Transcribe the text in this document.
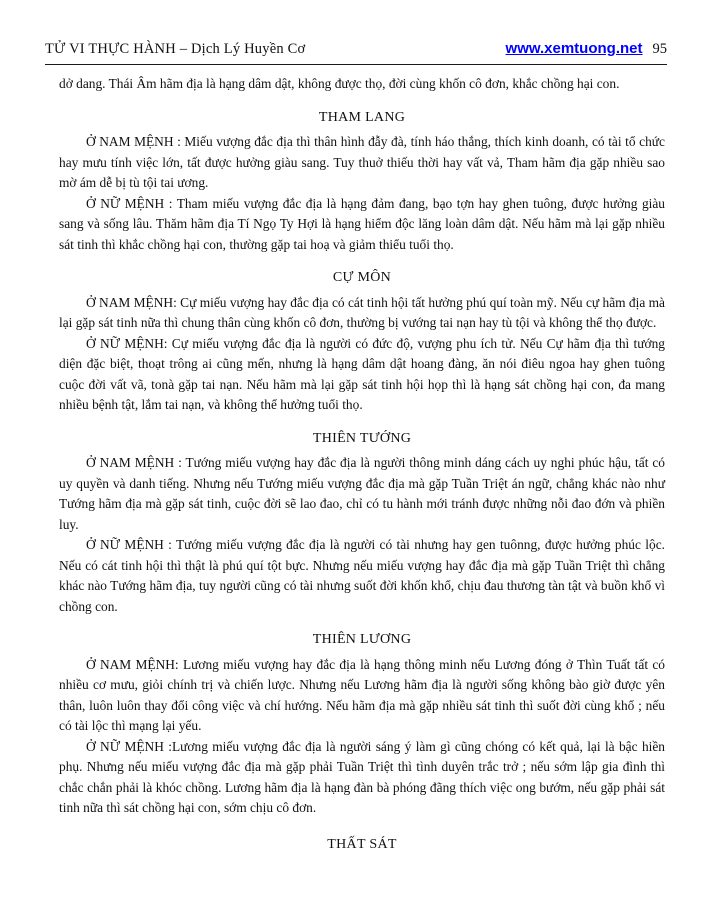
TỬ VI THỰC HÀNH – Dịch Lý Huyền Cơ	www.xemtuong.net 95

dở dang. Thái Âm hãm địa là hạng dâm dật, không được thọ, đời cùng khốn cô đơn, khắc chồng hại con.

THAM LANG

Ở NAM MỆNH : Miếu vượng đắc địa thì thân hình đẫy đà, tính háo thắng, thích kinh doanh, có tài tổ chức hay mưu tính việc lớn, tất được hưởng giàu sang. Tuy thuở thiếu thời hay vất vả, Tham hãm địa gặp nhiều sao mờ ám dễ bị tù tội tai ương.

Ở NỮ MỆNH : Tham miếu vượng đắc địa là hạng đảm đang, bạo tợn hay ghen tuông, được hưởng giàu sang và sống lâu. Thăm hãm địa Tí Ngọ Ty Hợi là hạng hiểm độc lăng loàn dâm dật. Nếu hãm mà lại gặp nhiều sát tinh thì khắc chồng hại con, thường gặp tai hoạ và giảm thiểu tuổi thọ.

CỰ MÔN

Ở NAM MỆNH: Cự miếu vượng hay đắc địa có cát tinh hội tất hưởng phú quí toàn mỹ. Nếu cự hãm địa mà lại gặp sát tinh nữa thì chung thân cùng khốn cô đơn, thường bị vướng tai nạn hay tù tội và không thể thọ được.

Ở NỮ MỆNH: Cự miếu vượng đắc địa là người có đức độ, vượng phu ích tử. Nếu Cự hãm địa thì tướng diện đặc biệt, thoạt trông ai cũng mến, nhưng là hạng dâm dật hoang đàng, ăn nói điêu ngoa hay ghen tuông cuộc đời vất vã, tonà gặp tai nạn. Nếu hãm mà lại gặp sát tinh hội họp thì là hạng sát chồng hại con, đa mang nhiều bệnh tật, lắm tai nạn, và không thể hưởng tuổi thọ.

THIÊN TƯỚNG

Ở NAM MỆNH : Tướng miếu vượng hay đắc địa là người thông minh dáng cách uy nghi phúc hậu, tất có uy quyền và danh tiếng. Nhưng nếu Tướng miếu vượng đắc địa mà gặp Tuần Triệt án ngữ, chẳng khác nào như Tướng hãm địa mà gặp sát tinh, cuộc đời sẽ lao đao, chỉ có tu hành mới tránh được những nỗi đao đớn và phiền luy.

Ở NỮ MỆNH : Tướng miếu vượng đắc địa là người có tài nhưng hay gen tuônng, được hưởng phúc lộc. Nếu có cát tinh hội thì thật là phú quí tột bực. Nhưng nếu miếu vượng hay đắc địa mà gặp Tuần Triệt thì chẳng khác nào Tướng hãm địa, tuy người cũng có tài nhưng suốt đời khốn khổ, chịu đau thương tàn tật và buồn khổ vì chồng con.

THIÊN LƯƠNG

Ở NAM MỆNH: Lương miếu vượng hay đắc địa là hạng thông minh nếu Lương đóng ở Thìn Tuất tất có nhiều cơ mưu, giỏi chính trị và chiến lược. Nhưng nếu Lương hãm địa là người sống không bào giờ được yên thân, luôn luôn thay đổi công việc và chí hướng. Nếu hãm địa mà gặp nhiều sát tinh thì suốt đời cùng khổ ; nếu có tài lộc thì mạng lại yếu.

Ở NỮ MỆNH :Lương miếu vượng đắc địa là người sáng ý làm gì cũng chóng có kết quả, lại là bậc hiền phụ. Nhưng nếu miếu vượng đắc địa mà gặp phải Tuần Triệt thì tình duyên trắc trở ; nếu sớm lập gia đình thì chắc chắn phải là khóc chồng. Lương hãm địa là hạng đàn bà phóng đãng thích việc ong bướm, nếu gặp phải sát tinh nữa thì sát chồng hại con, sớm chịu cô đơn.

THẤT SÁT
